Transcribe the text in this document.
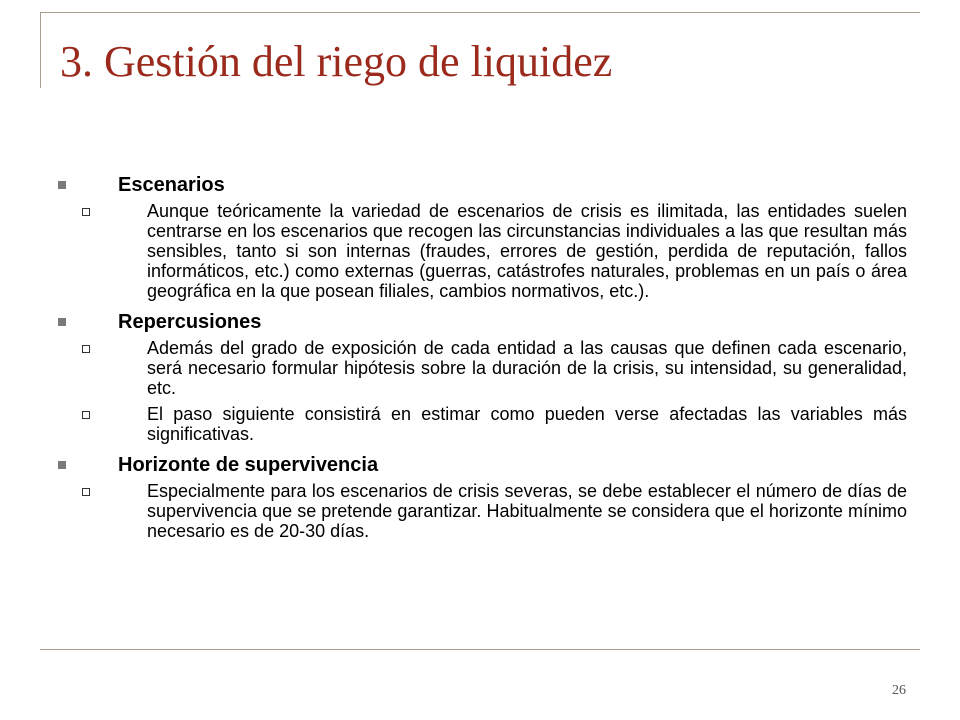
3. Gestión del riego de liquidez
Escenarios
Aunque teóricamente la variedad de escenarios de crisis es ilimitada, las entidades suelen centrarse en los escenarios que recogen las circunstancias individuales a las que resultan más sensibles, tanto si son internas (fraudes, errores de gestión, perdida de reputación, fallos informáticos, etc.) como externas (guerras, catástrofes naturales, problemas en un país o área geográfica en la que posean filiales, cambios normativos, etc.).
Repercusiones
Además del grado de exposición de cada entidad a las causas que definen cada escenario, será necesario formular hipótesis sobre la duración de la crisis, su intensidad, su generalidad, etc.
El paso siguiente consistirá en estimar como pueden verse afectadas las variables más significativas.
Horizonte de supervivencia
Especialmente para los escenarios de crisis severas, se debe establecer el número de días de supervivencia que se pretende garantizar. Habitualmente se considera que el horizonte mínimo necesario es de 20-30 días.
26
